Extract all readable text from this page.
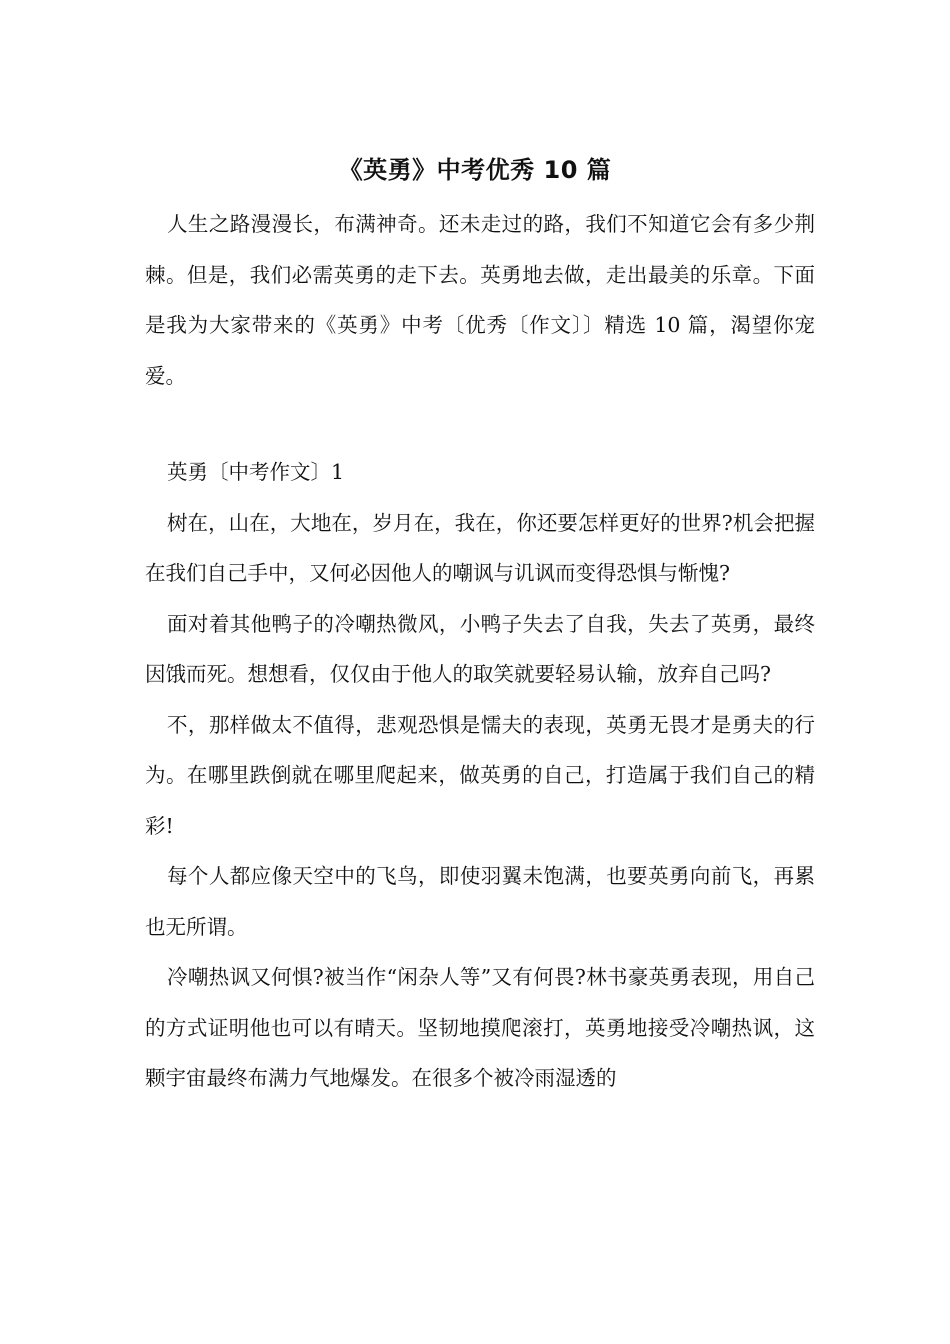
《英勇》中考优秀 10 篇

人生之路漫漫长，布满神奇。还未走过的路，我们不知道它会有多少荆棘。但是，我们必需英勇的走下去。英勇地去做，走出最美的乐章。下面是我为大家带来的《英勇》中考〔优秀〔作文〕〕精选 10 篇，渴望你宠爱。

英勇〔中考作文〕1

树在，山在，大地在，岁月在，我在，你还要怎样更好的世界?机会把握在我们自己手中，又何必因他人的嘲讽与讥讽而变得恐惧与惭愧?

面对着其他鸭子的冷嘲热微风，小鸭子失去了自我，失去了英勇，最终因饿而死。想想看，仅仅由于他人的取笑就要轻易认输，放弃自己吗?

不，那样做太不值得，悲观恐惧是懦夫的表现，英勇无畏才是勇夫的行为。在哪里跌倒就在哪里爬起来，做英勇的自己，打造属于我们自己的精彩!

每个人都应像天空中的飞鸟，即使羽翼未饱满，也要英勇向前飞，再累也无所谓。

冷嘲热讽又何惧?被当作“闲杂人等”又有何畏?林书豪英勇表现，用自己的方式证明他也可以有晴天。坚韧地摸爬滚打，英勇地接受冷嘲热讽，这颗宇宙最终布满力气地爆发。在很多个被冷雨湿透的
